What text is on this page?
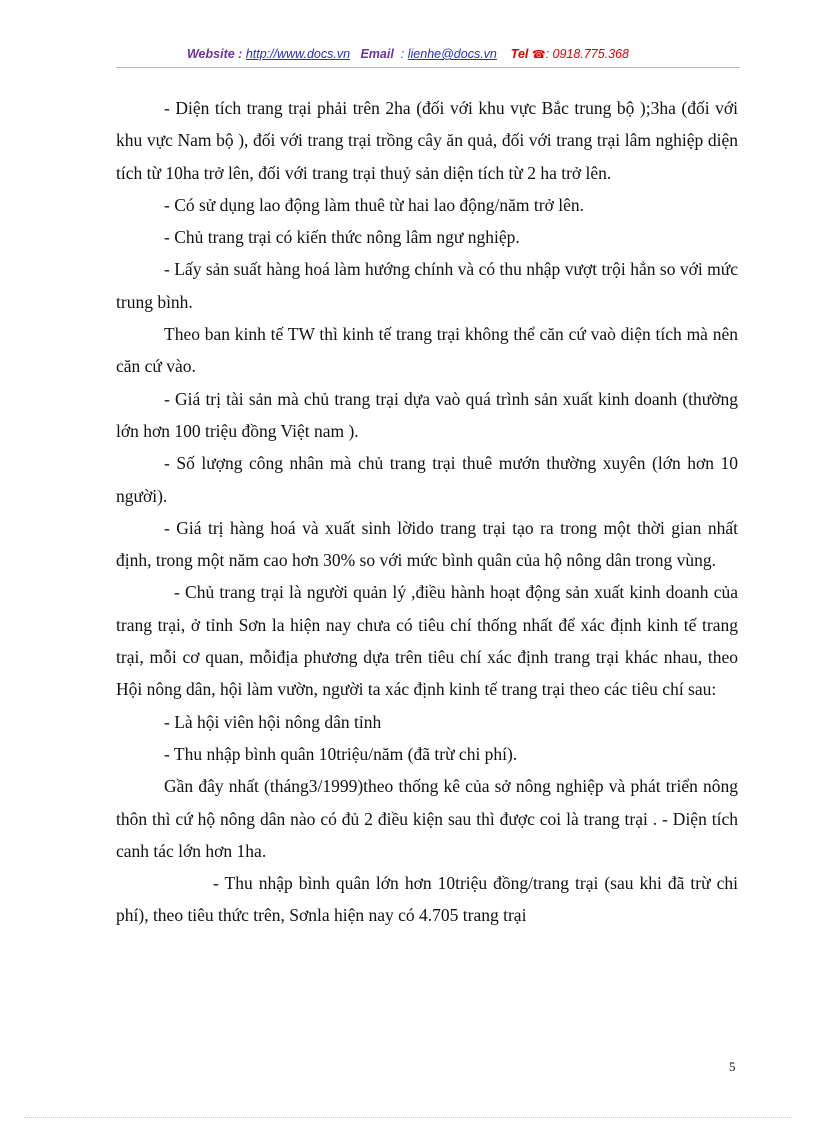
Website : http://www.docs.vn Email : lienhe@docs.vn Tel ☎: 0918.775.368

- Diện tích trang trại phải trên 2ha (đối với khu vực Bắc trung bộ );3ha (đối với khu vực Nam bộ ), đối với trang trại trồng cây ăn quả, đối với trang trại lâm nghiệp diện tích từ 10ha trở lên, đối với trang trại thuỷ sản diện tích từ 2 ha trở lên.

- Có sử dụng lao động làm thuê từ hai lao động/năm trở lên.

- Chủ trang trại có kiến thức nông lâm ngư nghiệp.

- Lấy sản suất hàng hoá làm hướng chính và có thu nhập vượt trội hẳn so với mức trung bình.

Theo ban kinh tế TW thì kinh tế trang trại không thể căn cứ vaò diện tích mà nên căn cứ vào.

- Giá trị tài sản mà chủ trang trại dựa vaò quá trình sản xuất kinh doanh (thường lớn hơn 100 triệu đồng Việt nam ).

- Số lượng công nhân mà chủ trang trại thuê mướn thường xuyên (lớn hơn 10 người).

- Giá trị hàng hoá và xuất sinh lờido trang trại tạo ra trong một thời gian nhất định, trong một năm cao hơn 30% so với mức bình quân của hộ nông dân trong vùng.

- Chủ trang trại là người quản lý ,điều hành hoạt động sản xuất kinh doanh của trang trại, ở tỉnh Sơn la hiện nay chưa có tiêu chí thống nhất để xác định kinh tế trang trại, mỗi cơ quan, mỗiđịa phương dựa trên tiêu chí xác định trang trại khác nhau, theo Hội nông dân, hội làm vườn, người ta xác định kinh tế trang trại theo các tiêu chí sau:

- Là hội viên hội nông dân tỉnh

- Thu nhập bình quân 10triệu/năm (đã trừ chi phí).

Gần đây nhất (tháng3/1999)theo thống kê của sở nông nghiệp và phát triển nông thôn thì cứ hộ nông dân nào có đủ 2 điều kiện sau thì được coi là trang trại . - Diện tích canh tác lớn hơn 1ha.

- Thu nhập bình quân lớn hơn 10triệu đồng/trang trại (sau khi đã trừ chi phí), theo tiêu thức trên, Sơnla hiện nay có 4.705 trang trại

5
